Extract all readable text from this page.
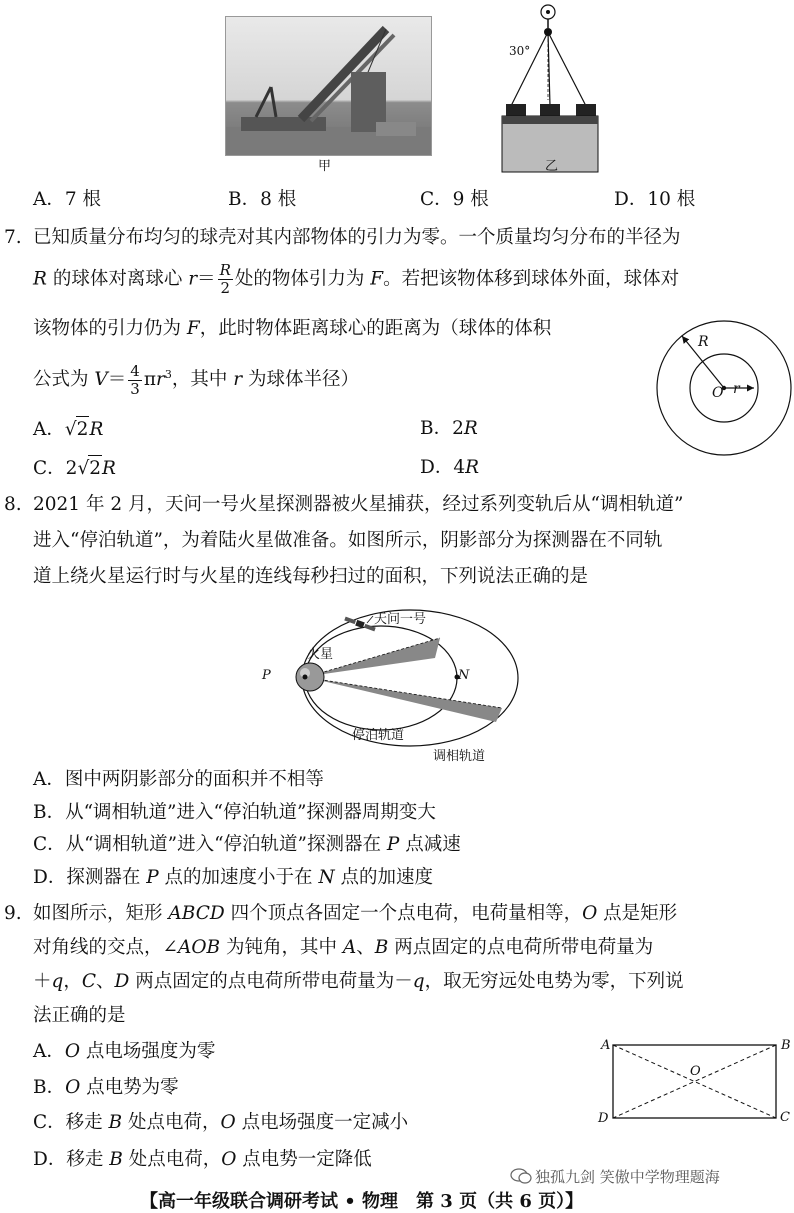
甲
30°
乙
A．7 根	B．8 根	C．9 根	D．10 根
7. 已知质量分布均匀的球壳对其内部物体的引力为零。一个质量均匀分布的半径为
R 的球体对离球心 $r= \frac{R}{2}$ 处的物体引力为 F。若把该物体移到球体外面，球体对
该物体的引力仍为 F，此时物体距离球心的距离为（球体的体积
公式为 $V= \frac{4}{3} \pi r^3$，其中 r 为球体半径）
A．√2R	B．2R
C．2√2R	D．4R
R
O r
8. 2021 年 2 月，天问一号火星探测器被火星捕获，经过系列变轨后从“调相轨道”
进入“停泊轨道”，为着陆火星做准备。如图所示，阴影部分为探测器在不同轨
道上绕火星运行时与火星的连线每秒扫过的面积，下列说法正确的是
天问一号
火星
P	N
停泊轨道
调相轨道
A．图中两阴影部分的面积并不相等
B．从“调相轨道”进入“停泊轨道”探测器周期变大
C．从“调相轨道”进入“停泊轨道”探测器在 P 点减速
D．探测器在 P 点的加速度小于在 N 点的加速度
9. 如图所示，矩形 ABCD 四个顶点各固定一个点电荷，电荷量相等，O 点是矩形
对角线的交点，∠AOB 为钝角，其中 A、B 两点固定的点电荷所带电荷量为
＋q，C、D 两点固定的点电荷所带电荷量为－q，取无穷远处电势为零，下列说
法正确的是
A．O 点电场强度为零
B．O 点电势为零
C．移走 B 处点电荷，O 点电场强度一定减小
D．移走 B 处点电荷，O 点电势一定降低
A	B
D	C
O
独孤九剑 笑傲中学物理题海
【高一年级联合调研考试 • 物理　第 3 页（共 6 页）】
